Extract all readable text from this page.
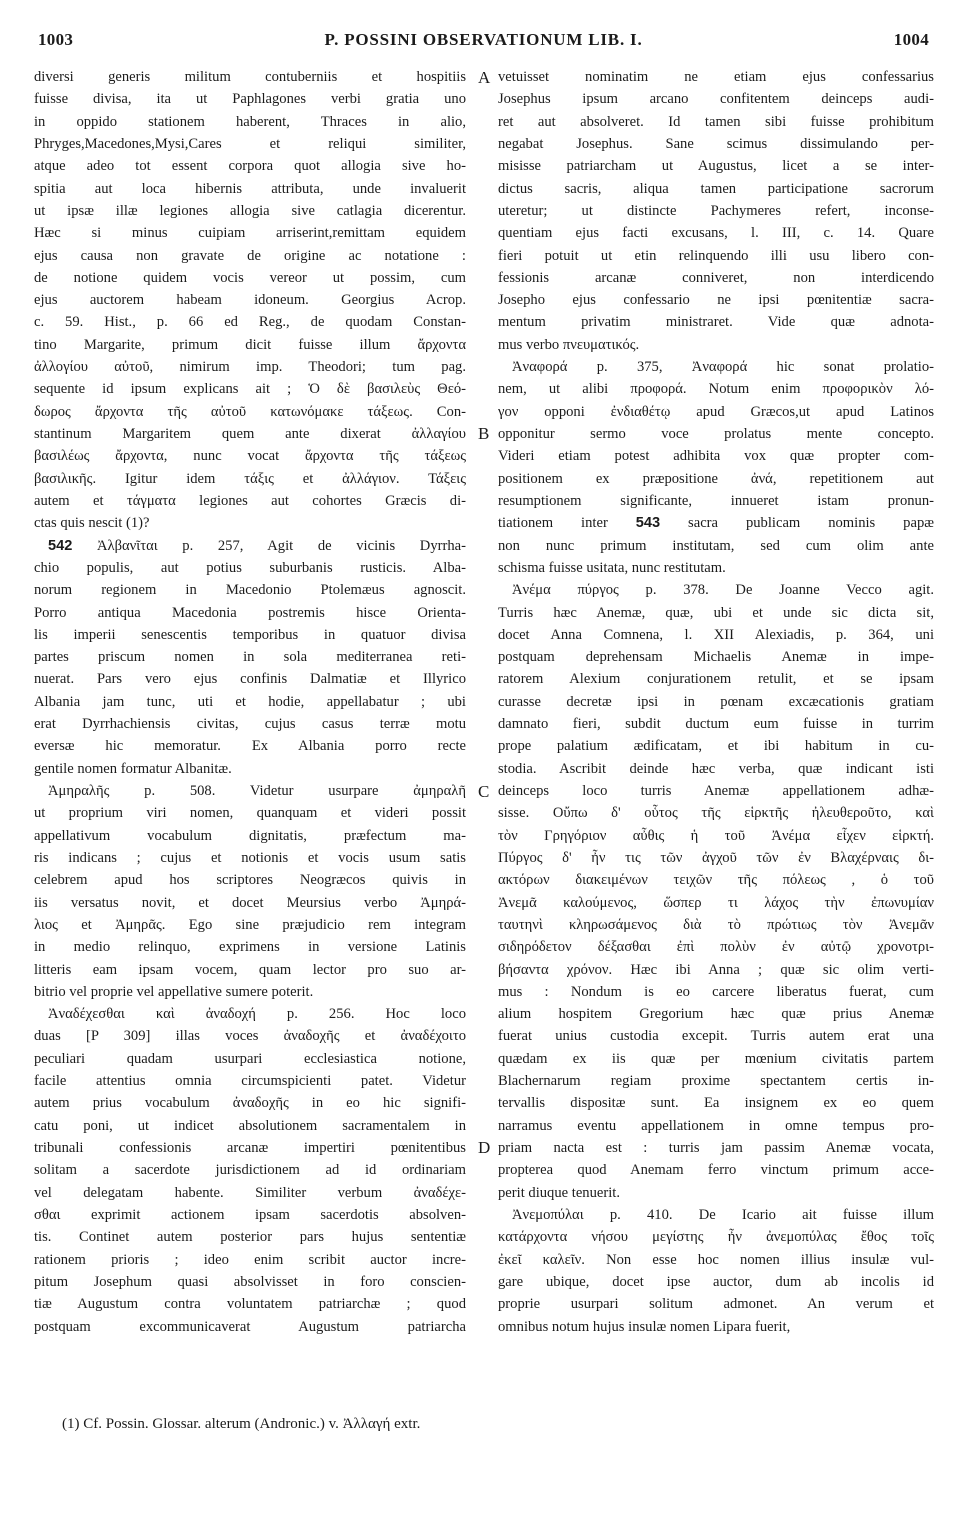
1003	P. POSSINI OBSERVATIONUM LIB. I.	1004
diversi generis militum contuberniis et hospitiis
fuisse divisa, ita ut Paphlagones verbi gratia uno
in oppido stationem haberent, Thraces in alio,
Phryges,Macedones,Mysi,Cares et reliqui similiter,
atque adeo tot essent corpora quot allogia sive ho-
spitia aut loca hibernis attributa, unde invaluerit
ut ipsæ illæ legiones allogia sive catlagia dicerentur.
Hæc si minus cuipiam arriserint,remittam equidem
ejus causa non gravate de origine ac notatione :
de notione quidem vocis vereor ut possim, cum
ejus auctorem habeam idoneum. Georgius Acrop.
c. 59. Hist., p. 66 ed Reg., de quodam Constan-
tino Margarite, primum dicit fuisse illum ἄρχοντα
ἀλλογίου αὐτοῦ, nimirum imp. Theodori; tum pag.
sequente id ipsum explicans ait ; Ὁ δὲ βασιλεὺς Θεό-
δωρος ἄρχοντα τῆς αὐτοῦ κατωνόμακε τάξεως. Con-
stantinum Margaritem quem ante dixerat ἀλλαγίου
βασιλέως ἄρχοντα, nunc vocat ἄρχοντα τῆς τάξεως
βασιλικῆς. Igitur idem τάξις et ἀλλάγιον. Τάξεις
autem et τάγματα legiones aut cohortes Græcis di-
ctas quis nescit (1)?
542 Ἀλβανῖται p. 257, Agit de vicinis Dyrrha-
chio populis, aut potius suburbanis rusticis. Alba-
norum regionem in Macedonio Ptolemæus agnoscit.
Porro antiqua Macedonia postremis hisce Orienta-
lis imperii senescentis temporibus in quatuor divisa
partes priscum nomen in sola mediterranea reti-
nuerat. Pars vero ejus confinis Dalmatiæ et Illyrico
Albania jam tunc, uti et hodie, appellabatur ; ubi
erat Dyrrhachiensis civitas, cujus casus terræ motu
eversæ hic memoratur. Ex Albania porro recte
gentile nomen formatur Albanitæ.
Ἀμηραλῆς p. 508. Videtur usurpare ἀμηραλῆ
ut proprium viri nomen, quanquam et videri possit
appellativum vocabulum dignitatis, præfectum ma-
ris indicans ; cujus et notionis et vocis usum satis
celebrem apud hos scriptores Neogræcos quivis in
iis versatus novit, et docet Meursius verbo Ἀμηρά-
λιος et Ἀμηρᾶς. Ego sine præjudicio rem integram
in medio relinquo, exprimens in versione Latinis
litteris eam ipsam vocem, quam lector pro suo ar-
bitrio vel proprie vel appellative sumere poterit.
Ἀναδέχεσθαι καὶ ἀναδοχή p. 256. Hoc loco
duas [P 309] illas voces ἀναδοχῆς et ἀναδέχοιτο
peculiari quadam usurpari ecclesiastica notione,
facile attentius omnia circumspicienti patet. Videtur
autem prius vocabulum ἀναδοχῆς in eo hic signifi-
catu poni, ut indicet absolutionem sacramentalem in
tribunali confessionis arcanæ impertiri pœnitentibus
solitam a sacerdote jurisdictionem ad id ordinariam
vel delegatam habente. Similiter verbum ἀναδέχε-
σθαι exprimit actionem ipsam sacerdotis absolven-
tis. Continet autem posterior pars hujus sententiæ
rationem prioris ; ideo enim scribit auctor incre-
pitum Josephum quasi absolvisset in foro conscien-
tiæ Augustum contra voluntatem patriarchæ ; quod
postquam excommunicaverat Augustum patriarcha
vetuisset nominatim ne etiam ejus confessarius
Josephus ipsum arcano confitentem deinceps audi-
ret aut absolveret. Id tamen sibi fuisse prohibitum
negabat Josephus. Sane scimus dissimulando per-
misisse patriarcham ut Augustus, licet a se inter-
dictus sacris, aliqua tamen participatione sacrorum
uteretur; ut distincte Pachymeres refert, inconse-
quentiam ejus facti excusans, l. III, c. 14. Quare
fieri potuit ut etin relinquendo illi usu libero con-
fessionis arcanæ conniveret, non interdicendo
Josepho ejus confessario ne ipsi pœnitentiæ sacra-
mentum privatim ministraret. Vide quæ adnota-
mus verbo πνευματικός.
Ἀναφορά p. 375, Ἀναφορά hic sonat prolatio-
nem, ut alibi προφορά. Notum enim προφορικὸν λό-
γον opponi ἐνδιαθέτῳ apud Græcos,ut apud Latinos
opponitur sermo voce prolatus mente concepto.
Videri etiam potest adhibita vox quæ propter com-
positionem ex præpositione ἀνά, repetitionem aut
resumptionem significante, innueret istam pronun-
tiationem inter 543 sacra publicam nominis papæ
non nunc primum institutam, sed cum olim ante
schisma fuisse usitata, nunc restitutam.
Ἀνέμα πύργος p. 378. De Joanne Vecco agit.
Turris hæc Anemæ, quæ, ubi et unde sic dicta sit,
docet Anna Comnena, l. XII Alexiadis, p. 364, uni
postquam deprehensam Michaelis Anemæ in impe-
ratorem Alexium conjurationem retulit, et se ipsam
curasse decretæ ipsi in pœnam excæcationis gratiam
damnato fieri, subdit ductum eum fuisse in turrim
prope palatium ædificatam, et ibi habitum in cu-
stodia. Ascribit deinde hæc verba, quæ indicant isti
deinceps loco turris Anemæ appellationem adhæ-
sisse. Οὔπω δ' οὗτος τῆς εἱρκτῆς ἠλευθεροῦτο, καὶ
τὸν Γρηγόριον αὖθις ἡ τοῦ Ἀνέμα εἶχεν εἱρκτή.
Πύργος δ' ἦν τις τῶν ἀγχοῦ τῶν ἐν Βλαχέρναις δι-
ακτόρων διακειμένων τειχῶν τῆς πόλεως , ὁ τοῦ
Ἀνεμᾶ καλούμενος, ὥσπερ τι λάχος τὴν ἐπωνυμίαν
ταυτηνὶ κληρωσάμενος διὰ τὸ πρώτιως τὸν Ἀνεμᾶν
σιδηρόδετον δέξασθαι ἐπὶ πολὺν ἐν αὐτῷ χρονοτρι-
βήσαντα χρόνον. Hæc ibi Anna ; quæ sic olim verti-
mus : Nondum is eo carcere liberatus fuerat, cum
alium hospitem Gregorium hæc quæ prius Anemæ
fuerat unius custodia excepit. Turris autem erat una
quædam ex iis quæ per mœnium civitatis partem
Blachernarum regiam proxime spectantem certis in-
tervallis dispositæ sunt. Ea insignem ex eo quem
narramus eventu appellationem in omne tempus pro-
priam nacta est : turris jam passim Anemæ vocata,
propterea quod Anemam ferro vinctum primum acce-
perit diuque tenuerit.
Ἀνεμοπύλαι p. 410. De Icario ait fuisse illum
κατάρχοντα νήσου μεγίστης ἦν ἀνεμοπύλας ἔθος τοῖς
ἐκεῖ καλεῖν. Non esse hoc nomen illius insulæ vul-
gare ubique, docet ipse auctor, dum ab incolis id
proprie usurpari solitum admonet. An verum et
omnibus notum hujus insulæ nomen Lipara fuerit,
A
B
C
D
(1) Cf. Possin. Glossar. alterum (Andronic.) v. Ἀλλαγή extr.
